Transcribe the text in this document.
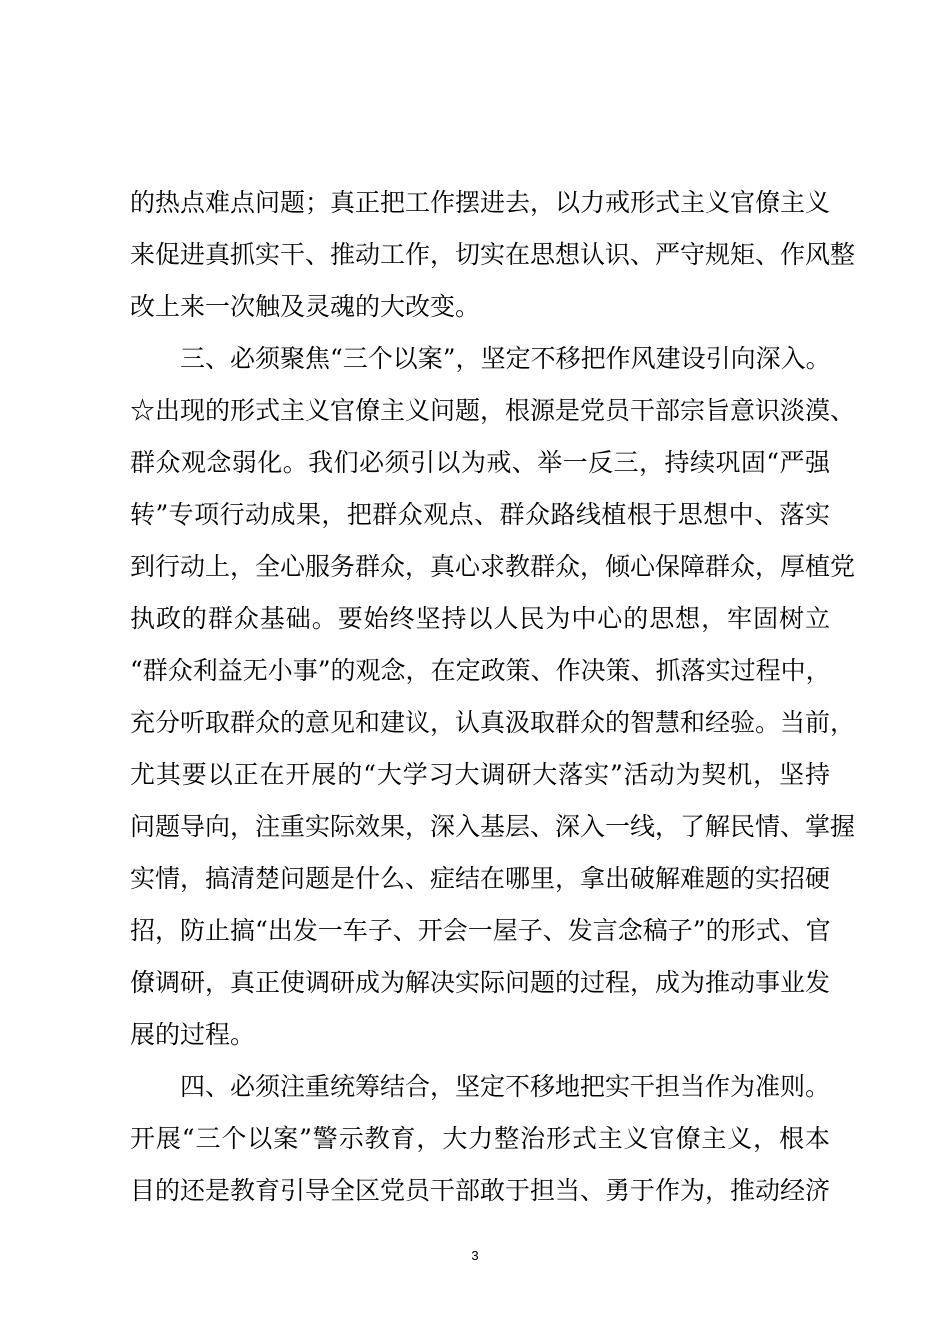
的热点难点问题；真正把工作摆进去，以力戒形式主义官僚主义
来促进真抓实干、推动工作，切实在思想认识、严守规矩、作风整
改上来一次触及灵魂的大改变。
三、必须聚焦“三个以案”，坚定不移把作风建设引向深入。
☆出现的形式主义官僚主义问题，根源是党员干部宗旨意识淡漠、
群众观念弱化。我们必须引以为戒、举一反三，持续巩固“严强
转”专项行动成果，把群众观点、群众路线植根于思想中、落实
到行动上，全心服务群众，真心求教群众，倾心保障群众，厚植党
执政的群众基础。要始终坚持以人民为中心的思想，牢固树立
“群众利益无小事”的观念，在定政策、作决策、抓落实过程中，
充分听取群众的意见和建议，认真汲取群众的智慧和经验。当前，
尤其要以正在开展的“大学习大调研大落实”活动为契机，坚持
问题导向，注重实际效果，深入基层、深入一线，了解民情、掌握
实情，搞清楚问题是什么、症结在哪里，拿出破解难题的实招硬
招，防止搞“出发一车子、开会一屋子、发言念稿子”的形式、官
僚调研，真正使调研成为解决实际问题的过程，成为推动事业发
展的过程。
四、必须注重统筹结合，坚定不移地把实干担当作为准则。
开展“三个以案”警示教育，大力整治形式主义官僚主义，根本
目的还是教育引导全区党员干部敢于担当、勇于作为，推动经济
3
